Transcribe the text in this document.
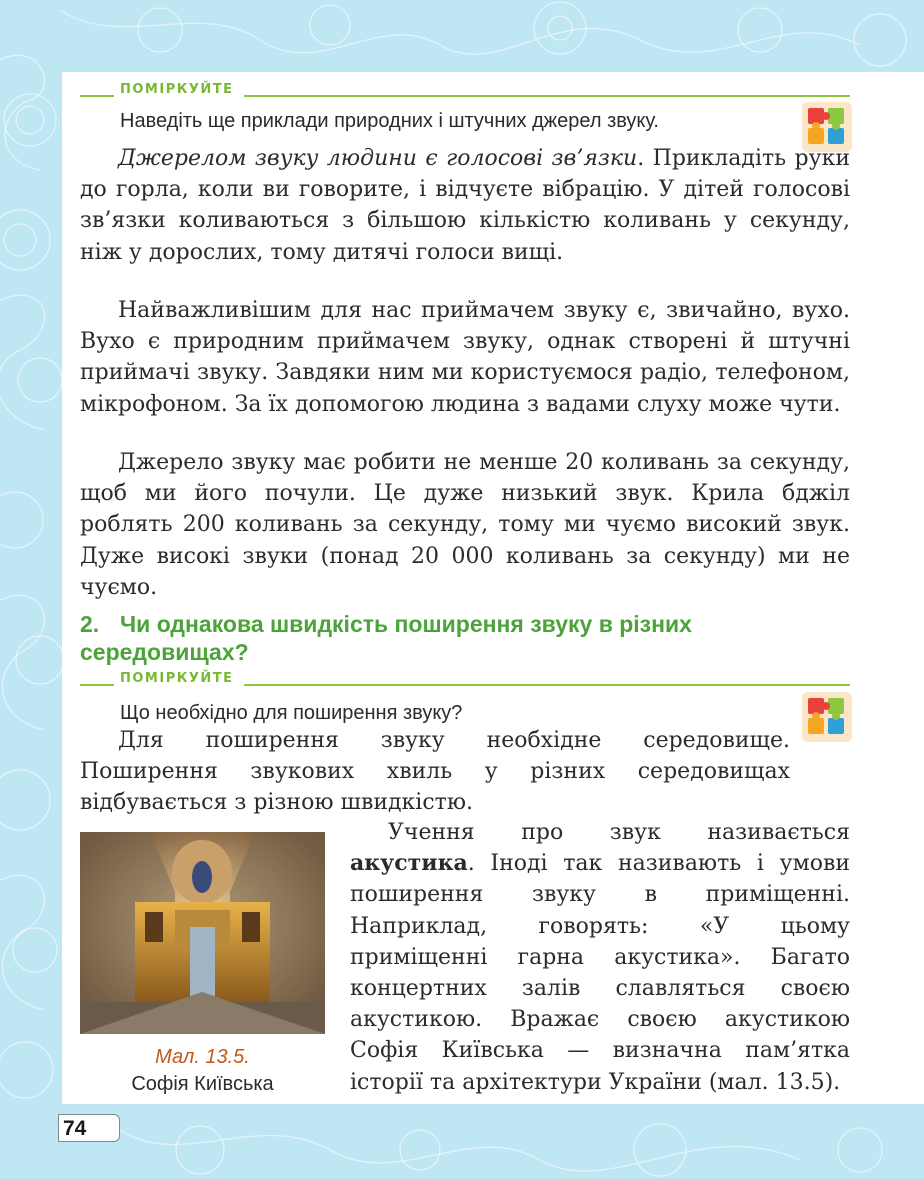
ПОМІРКУЙТЕ
Наведіть ще приклади природних і штучних джерел звуку.
Джерелом звуку людини є голосові зв’язки. Прикладіть руки до горла, коли ви говорите, і відчуєте вібрацію. У дітей голосові зв’язки коливаються з більшою кількістю коливань у секунду, ніж у дорослих, тому дитячі голоси вищі.
Найважливішим для нас приймачем звуку є, звичайно, вухо. Вухо є природним приймачем звуку, однак створені й штучні приймачі звуку. Завдяки ним ми користуємося радіо, телефоном, мікрофоном. За їх допомогою людина з вадами слуху може чути.
Джерело звуку має робити не менше 20 коливань за секунду, щоб ми його почули. Це дуже низький звук. Крила бджіл роблять 200 коливань за секунду, тому ми чуємо високий звук. Дуже високі звуки (понад 20 000 коливань за секунду) ми не чуємо.
2. Чи однакова швидкість поширення звуку в різних середовищах?
ПОМІРКУЙТЕ
Що необхідно для поширення звуку?
Для поширення звуку необхідне середовище. Поширення звукових хвиль у різних середовищах відбувається з різною швидкістю.
Мал. 13.5.
Софія Київська
Учення про звук називається акустика. Іноді так називають і умови поширення звуку в приміщенні. Наприклад, говорять: «У цьому приміщенні гарна акустика». Багато концертних залів славляться своєю акустикою. Вражає своєю акустикою Софія Київська — визначна пам’ятка історії та архітектури України (мал. 13.5).
74
